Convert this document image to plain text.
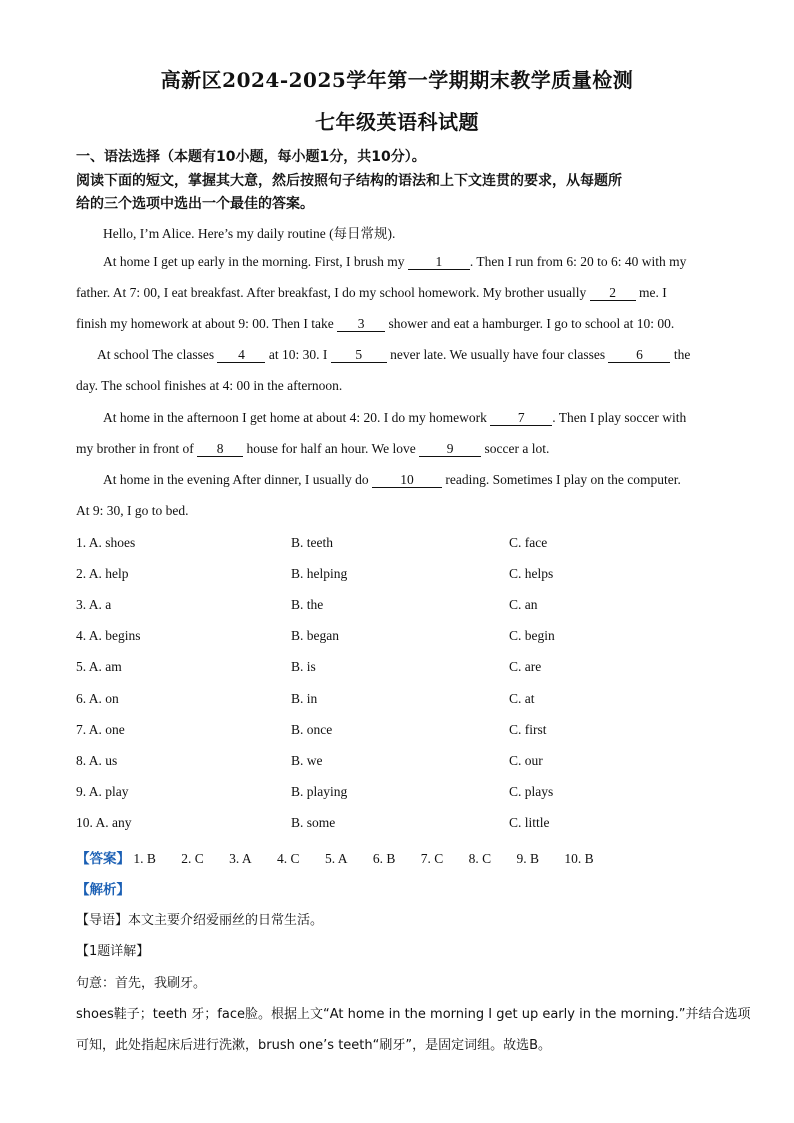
高新区2024-2025学年第一学期期末教学质量检测
七年级英语科试题
一、语法选择（本题有10小题，每小题1分，共10分）。
阅读下面的短文，掌握其大意，然后按照句子结构的语法和上下文连贯的要求，从每题所
给的三个选项中选出一个最佳的答案。
Hello, I’m Alice. Here’s my daily routine (每日常规).
At home I get up early in the morning. First, I brush my 1 . Then I run from 6: 20 to 6: 40 with my
father. At 7: 00, I eat breakfast. After breakfast, I do my school homework. My brother usually 2 me. I
finish my homework at about 9: 00. Then I take 3 shower and eat a hamburger. I go to school at 10: 00.
At school The classes 4 at 10: 30. I 5 never late. We usually have four classes 6 the
day. The school finishes at 4: 00 in the afternoon.
At home in the afternoon I get home at about 4: 20. I do my homework 7 . Then I play soccer with
my brother in front of 8 house for half an hour. We love 9 soccer a lot.
At home in the evening After dinner, I usually do 10 reading. Sometimes I play on the computer.
At 9: 30, I go to bed.
1. A. shoes	B. teeth	C. face
2. A. help	B. helping	C. helps
3. A. a	B. the	C. an
4. A. begins	B. began	C. begin
5. A. am	B. is	C. are
6. A. on	B. in	C. at
7. A. one	B. once	C. first
8. A. us	B. we	C. our
9. A. play	B. playing	C. plays
10. A. any	B. some	C. little
【答案】 1. B 2. C 3. A 4. C 5. A 6. B 7. C 8. C 9. B 10. B
【解析】
【导语】本文主要介绍爱丽丝的日常生活。
【1题详解】
句意：首先，我刷牙。
shoes鞋子；teeth 牙；face脸。根据上文“At home in the morning I get up early in the morning.”并结合选项
可知，此处指起床后进行洗漱，brush one’s teeth“刷牙”，是固定词组。故选B。
